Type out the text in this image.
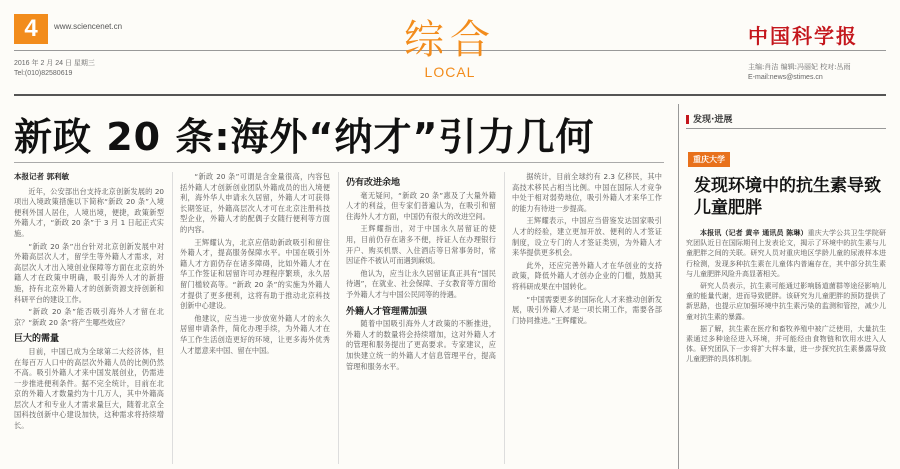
4	www.sciencenet.cn
2016 年 2 月 24 日 星期三
Tel:(010)82580619
综合
LOCAL
中国科学报
主编:肖洁 编辑:冯丽妃 校对:丛雨
E-mail:news@stimes.cn
新政 20 条:海外“纳才”引力几何
本报记者 郭利敏

近年，公安部出台支持北京创新发展的 20 项出入境政策措施以下简称“新政 20 条”入境便利外国人居住，人境出境，便捷，政策新型外籍人才，“新政 20 条”于 3 月 1 日起正式实施。

“新政 20 条”出台针对北京创新发展中对外籍高层次人才，留学生等外籍人才需求，对高层次人才出入境创业保障等方面在北京的外籍人才在政策中明确，吸引海外人才的新措施，持有北京外籍人才的创新资源支持创新和科研平台的建设工作。

“新政 20 条”能否吸引海外人才留在北京？“新政 20 条”将产生哪些效应？

巨大的需量

目前，中国已成为全球第二大经济体，但在每百万人口中的高层次外籍人员的比例仍然不高。吸引外籍人才来中国发展创业，仍需进一步推进便利条件。据不完全统计，目前在北京的外籍人才数量约为十几万人，其中外籍高层次人才和专业人才需求量巨大，随着北京全国科技创新中心建设加快，这种需求将持续增长。

“新政 20 条”可谓是含金量很高，内容包括外籍人才创新创业团队外籍成员的出入境便利，海外华人申请永久居留，外籍人才可获得长期签证，外籍高层次人才可在北京注册科技型企业，外籍人才的配偶子女随行便利等方面的内容。

王辉耀认为，北京应借助新政吸引和留住外籍人才，提高服务保障水平。中国在吸引外籍人才方面仍存在诸多障碍，比如外籍人才在华工作签证和居留许可办理程序繁琐，永久居留门槛较高等。“新政 20 条”的实施为外籍人才提供了更多便利，这将有助于推动北京科技创新中心建设。

他建议，应当进一步放宽外籍人才的永久居留申请条件，简化办理手续，为外籍人才在华工作生活创造更好的环境，让更多海外优秀人才愿意来中国、留在中国。

仍有改进余地

毫无疑问，“新政 20 条”惠及了大量外籍人才的利益，但专家们普遍认为，在吸引和留住海外人才方面，中国仍有很大的改进空间。

王辉耀指出，对于中国永久居留证的使用，目前仍存在诸多不便，持证人在办理银行开户、购买机票、入住酒店等日常事务时，常因证件不被认可而遇到麻烦。

他认为，应当让永久居留证真正具有“国民待遇”，在就业、社会保障、子女教育等方面给予外籍人才与中国公民同等的待遇。

外籍人才管理需加强

随着中国吸引海外人才政策的不断推进，外籍人才的数量将会持续增加，这对外籍人才的管理和服务提出了更高要求。专家建议，应加快建立统一的外籍人才信息管理平台，提高管理和服务水平。

据统计，目前全球约有 2.3 亿移民，其中高技术移民占相当比例。中国在国际人才竞争中处于相对弱势地位，吸引外籍人才来华工作的能力有待进一步提高。

王辉耀表示，中国应当借鉴发达国家吸引人才的经验，建立更加开放、便利的人才签证制度，设立专门的人才签证类别，为外籍人才来华提供更多机会。

此外，还应完善外籍人才在华创业的支持政策，降低外籍人才创办企业的门槛，鼓励其将科研成果在中国转化。

“中国需要更多的国际化人才来推动创新发展，吸引外籍人才是一项长期工作，需要各部门协同推进。”王辉耀说。

发现·进展
重庆大学
发现环境中的抗生素导致儿童肥胖

本报讯（记者 黄辛 通讯员 陈琳）重庆大学公共卫生学院研究团队近日在国际期刊上发表论文，揭示了环境中的抗生素与儿童肥胖之间的关联。研究人员对重庆地区学龄儿童的尿液样本进行检测，发现多种抗生素在儿童体内普遍存在，其中部分抗生素与儿童肥胖风险升高显著相关。

研究人员表示，抗生素可能通过影响肠道菌群等途径影响儿童的能量代谢，进而导致肥胖。该研究为儿童肥胖的预防提供了新思路，也提示应加强环境中抗生素污染的监测和管控，减少儿童对抗生素的暴露。

据了解，抗生素在医疗和畜牧养殖中被广泛使用，大量抗生素通过多种途径进入环境，并可能经由食物链和饮用水进入人体。研究团队下一步将扩大样本量，进一步探究抗生素暴露导致儿童肥胖的具体机制。
